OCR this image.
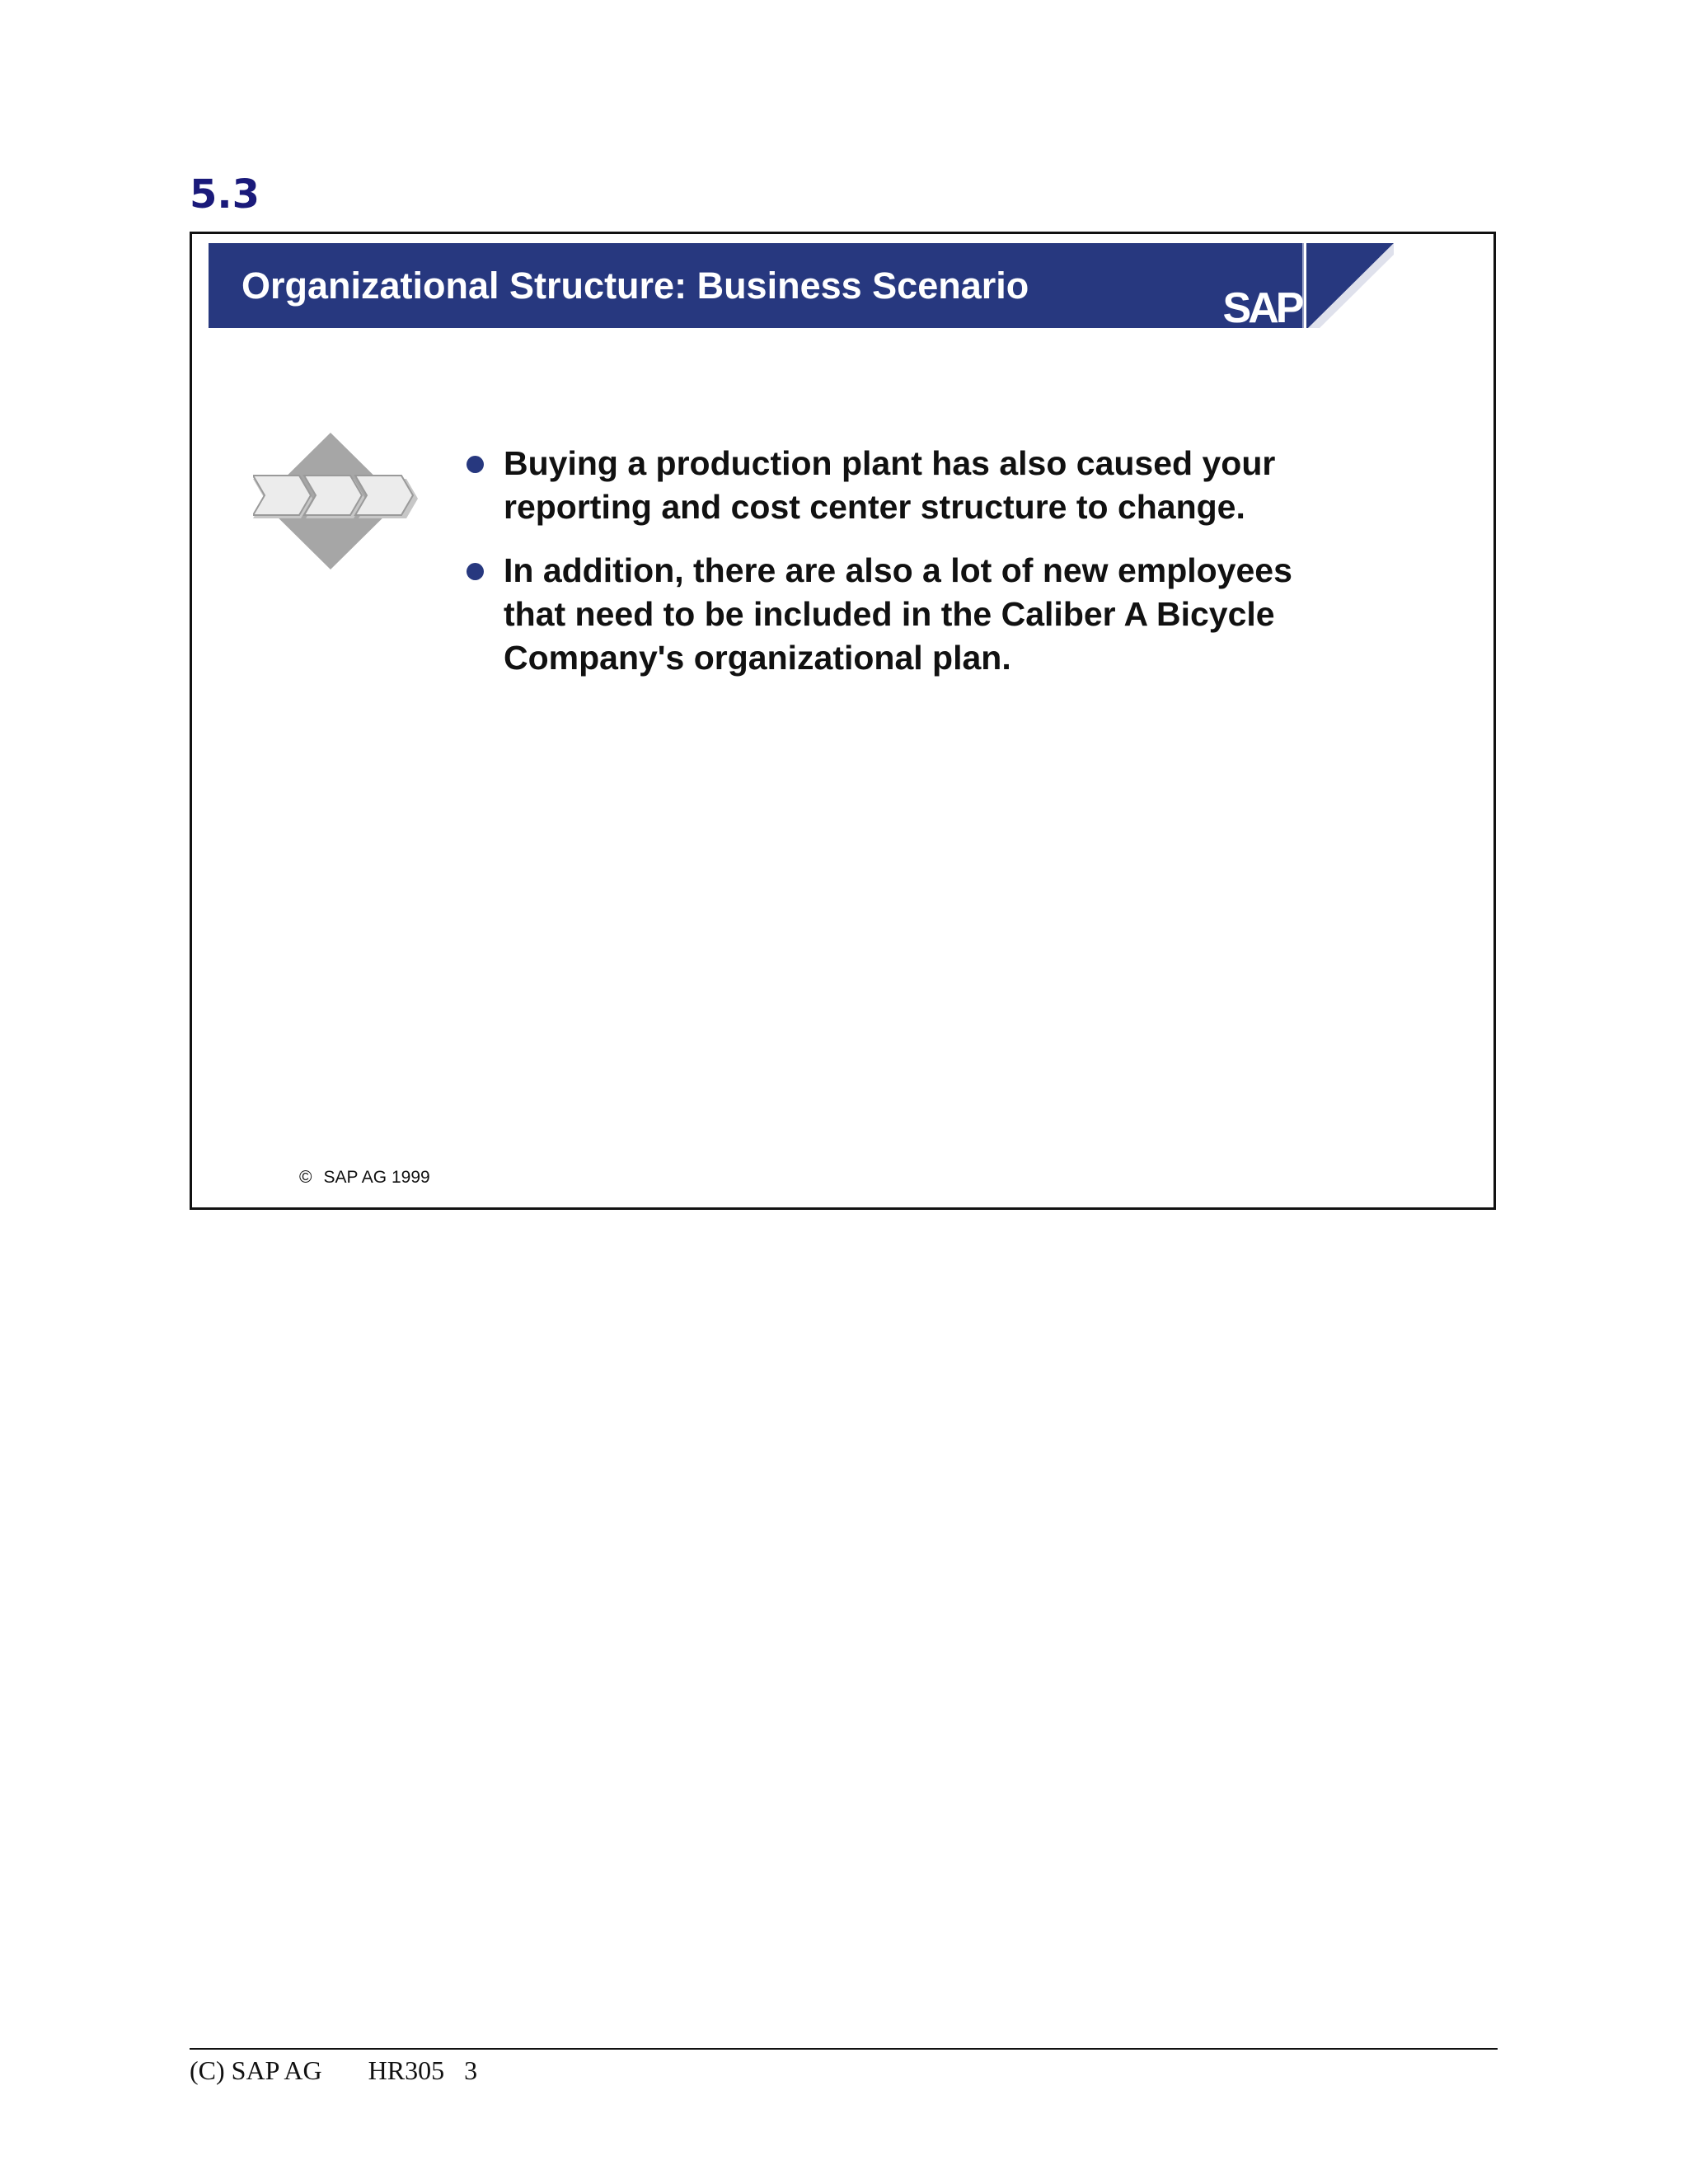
5.3
Organizational Structure: Business Scenario	SAP
Buying a production plant has also caused your reporting and cost center structure to change.
In addition, there are also a lot of new employees that need to be included in the Caliber A Bicycle Company's organizational plan.
© SAP AG 1999
(C) SAP AG       HR305   3
